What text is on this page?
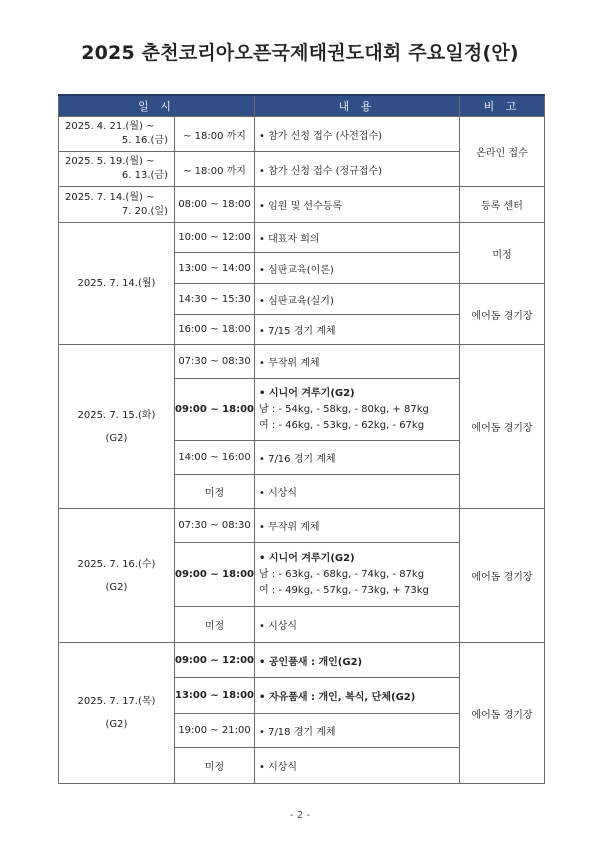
2025 춘천코리아오픈국제태권도대회 주요일정(안)
일 시		내 용	비 고

2025. 4. 21.(월) ~
5. 16.(금)	~ 18:00 까지	• 참가 신청 접수 (사전접수)	온라인 접수

2025. 5. 19.(월) ~
6. 13.(금)	~ 18:00 까지	• 참가 신청 접수 (정규접수)	

2025. 7. 14.(월) ~
7. 20.(일)	08:00 ~ 18:00	• 임원 및 선수등록	등록 센터
2025. 7. 14.(월)	10:00 ~ 12:00	• 대표자 회의	미정
	13:00 ~ 14:00	• 심판교육(이론)	
	14:30 ~ 15:30	• 심판교육(실기)	에어돔 경기장
	16:00 ~ 18:00	• 7/15 경기 계체	

2025. 7. 15.(화)
(G2)	07:30 ~ 08:30	• 무작위 계체	에어돔 경기장
	09:00 ~ 18:00	• 시니어 겨루기(G2)
남 : - 54kg, - 58kg, - 80kg, + 87kg
여 : - 46kg, - 53kg, - 62kg, - 67kg	

	14:00 ~ 16:00	• 7/16 경기 계체	
	미정	• 시상식	

2025. 7. 16.(수)
(G2)	07:30 ~ 08:30	• 무작위 계체	에어돔 경기장
	09:00 ~ 18:00	• 시니어 겨루기(G2)
남 : - 63kg, - 68kg, - 74kg, - 87kg
여 : - 49kg, - 57kg, - 73kg, + 73kg	

	미정	• 시상식	

2025. 7. 17.(목)
(G2)	09:00 ~ 12:00	• 공인품새 : 개인(G2)	에어돔 경기장
	13:00 ~ 18:00	• 자유품새 : 개인, 복식, 단체(G2)	
	19:00 ~ 21:00	• 7/18 경기 계체	
	미정	• 시상식	
- 2 -
